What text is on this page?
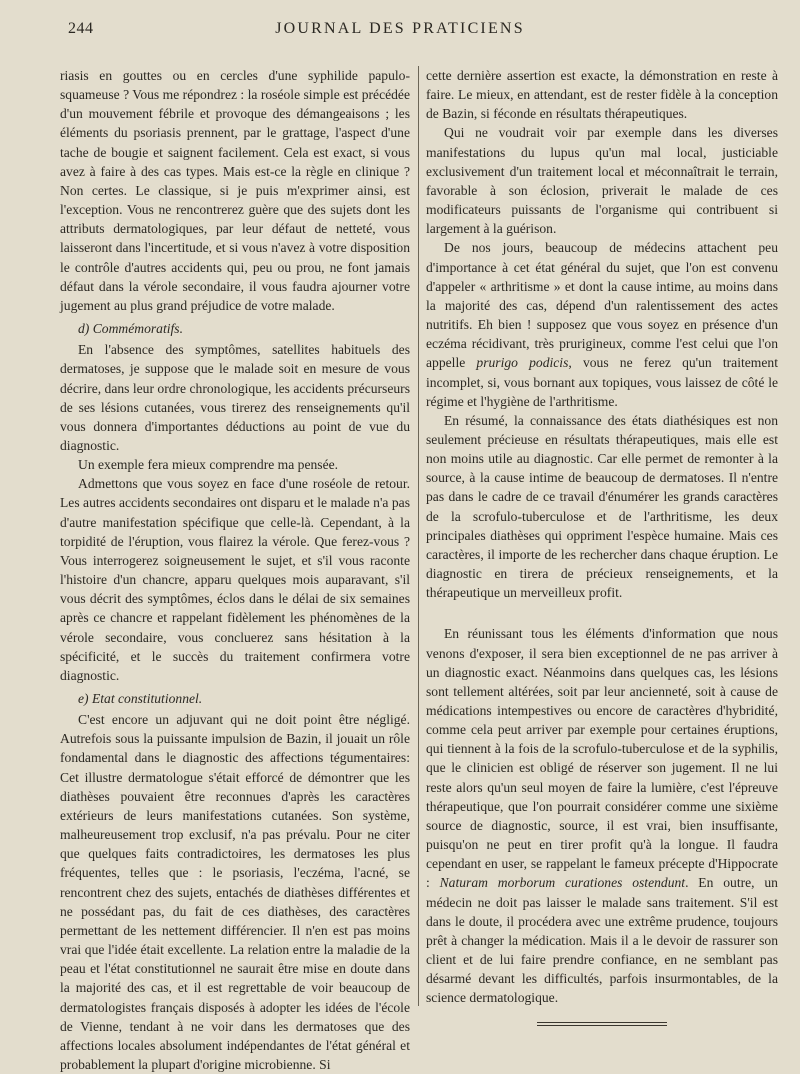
244	JOURNAL DES PRATICIENS

riasis en gouttes ou en cercles d'une syphilide papulo-squameuse ? Vous me répondrez : la roséole simple est précédée d'un mouvement fébrile et provoque des démangeaisons ; les éléments du psoriasis prennent, par le grattage, l'aspect d'une tache de bougie et saignent facilement. Cela est exact, si vous avez à faire à des cas types. Mais est-ce la règle en clinique ? Non certes. Le classique, si je puis m'exprimer ainsi, est l'exception. Vous ne rencontrerez guère que des sujets dont les attributs dermatologiques, par leur défaut de netteté, vous laisseront dans l'incertitude, et si vous n'avez à votre disposition le contrôle d'autres accidents qui, peu ou prou, ne font jamais défaut dans la vérole secondaire, il vous faudra ajourner votre jugement au plus grand préjudice de votre malade.

d) Commémoratifs.

En l'absence des symptômes, satellites habituels des dermatoses, je suppose que le malade soit en mesure de vous décrire, dans leur ordre chronologique, les accidents précurseurs de ses lésions cutanées, vous tirerez des renseignements qu'il vous donnera d'importantes déductions au point de vue du diagnostic.

Un exemple fera mieux comprendre ma pensée.

Admettons que vous soyez en face d'une roséole de retour. Les autres accidents secondaires ont disparu et le malade n'a pas d'autre manifestation spécifique que celle-là. Cependant, à la torpidité de l'éruption, vous flairez la vérole. Que ferez-vous ? Vous interrogerez soigneusement le sujet, et s'il vous raconte l'histoire d'un chancre, apparu quelques mois auparavant, s'il vous décrit des symptômes, éclos dans le délai de six semaines après ce chancre et rappelant fidèlement les phénomènes de la vérole secondaire, vous concluerez sans hésitation à la spécificité, et le succès du traitement confirmera votre diagnostic.

e) Etat constitutionnel.

C'est encore un adjuvant qui ne doit point être négligé. Autrefois sous la puissante impulsion de Bazin, il jouait un rôle fondamental dans le diagnostic des affections tégumentaires: Cet illustre dermatologue s'était efforcé de démontrer que les diathèses pouvaient être reconnues d'après les caractères extérieurs de leurs manifestations cutanées. Son système, malheureusement trop exclusif, n'a pas prévalu. Pour ne citer que quelques faits contradictoires, les dermatoses les plus fréquentes, telles que : le psoriasis, l'eczéma, l'acné, se rencontrent chez des sujets, entachés de diathèses différentes et ne possédant pas, du fait de ces diathèses, des caractères permettant de les nettement différencier. Il n'en est pas moins vrai que l'idée était excellente. La relation entre la maladie de la peau et l'état constitutionnel ne saurait être mise en doute dans la majorité des cas, et il est regrettable de voir beaucoup de dermatologistes français disposés à adopter les idées de l'école de Vienne, tendant à ne voir dans les dermatoses que des affections locales absolument indépendantes de l'état général et probablement la plupart d'origine microbienne. Si

cette dernière assertion est exacte, la démonstration en reste à faire. Le mieux, en attendant, est de rester fidèle à la conception de Bazin, si féconde en résultats thérapeutiques.

Qui ne voudrait voir par exemple dans les diverses manifestations du lupus qu'un mal local, justiciable exclusivement d'un traitement local et méconnaîtrait le terrain, favorable à son éclosion, priverait le malade de ces modificateurs puissants de l'organisme qui contribuent si largement à la guérison.

De nos jours, beaucoup de médecins attachent peu d'importance à cet état général du sujet, que l'on est convenu d'appeler « arthritisme » et dont la cause intime, au moins dans la majorité des cas, dépend d'un ralentissement des actes nutritifs. Eh bien ! supposez que vous soyez en présence d'un eczéma récidivant, très prurigineux, comme l'est celui que l'on appelle prurigo podicis, vous ne ferez qu'un traitement incomplet, si, vous bornant aux topiques, vous laissez de côté le régime et l'hygiène de l'arthritisme.

En résumé, la connaissance des états diathésiques est non seulement précieuse en résultats thérapeutiques, mais elle est non moins utile au diagnostic. Car elle permet de remonter à la source, à la cause intime de beaucoup de dermatoses. Il n'entre pas dans le cadre de ce travail d'énumérer les grands caractères de la scrofulo-tuberculose et de l'arthritisme, les deux principales diathèses qui oppriment l'espèce humaine. Mais ces caractères, il importe de les rechercher dans chaque éruption. Le diagnostic en tirera de précieux renseignements, et la thérapeutique un merveilleux profit.

En réunissant tous les éléments d'information que nous venons d'exposer, il sera bien exceptionnel de ne pas arriver à un diagnostic exact. Néanmoins dans quelques cas, les lésions sont tellement altérées, soit par leur ancienneté, soit à cause de médications intempestives ou encore de caractères d'hybridité, comme cela peut arriver par exemple pour certaines éruptions, qui tiennent à la fois de la scrofulo-tuberculose et de la syphilis, que le clinicien est obligé de réserver son jugement. Il ne lui reste alors qu'un seul moyen de faire la lumière, c'est l'épreuve thérapeutique, que l'on pourrait considérer comme une sixième source de diagnostic, source, il est vrai, bien insuffisante, puisqu'on ne peut en tirer profit qu'à la longue. Il faudra cependant en user, se rappelant le fameux précepte d'Hippocrate : Naturam morborum curationes ostendunt. En outre, un médecin ne doit pas laisser le malade sans traitement. S'il est dans le doute, il procédera avec une extrême prudence, toujours prêt à changer la médication. Mais il a le devoir de rassurer son client et de lui faire prendre confiance, en ne semblant pas désarmé devant les difficultés, parfois insurmontables, de la science dermatologique.
